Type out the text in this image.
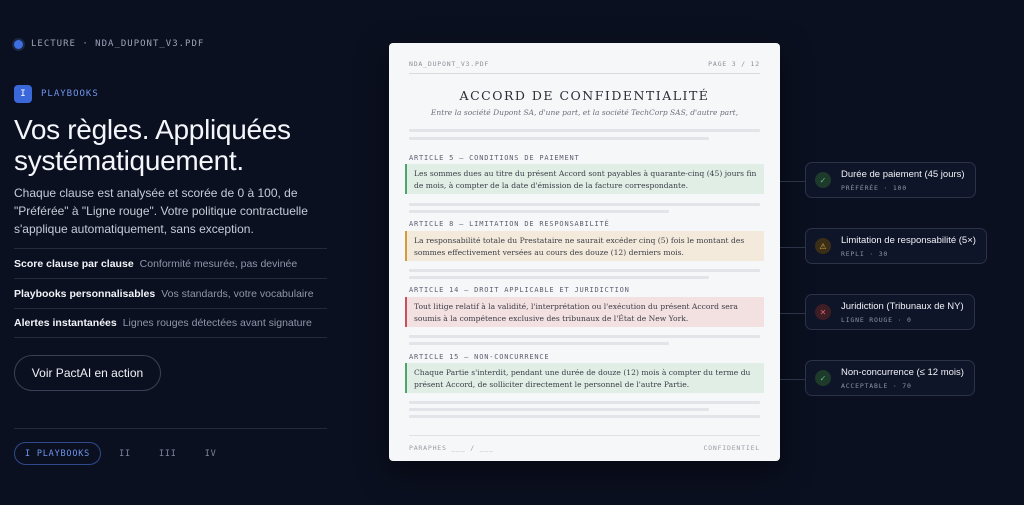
LECTURE · NDA_DUPONT_V3.PDF
I	PLAYBOOKS
Vos règles. Appliquées systématiquement.

Chaque clause est analysée et scorée de 0 à 100, de "Préférée" à "Ligne rouge". Votre politique contractuelle s'applique automatiquement, sans exception.

Score clause par clause Conformité mesurée, pas devinée
Playbooks personnalisables Vos standards, votre vocabulaire
Alertes instantanées Lignes rouges détectées avant signature
Voir PactAI en action
I PLAYBOOKS	II	III	IV
NDA_DUPONT_V3.PDF	PAGE 3 / 12
ACCORD DE CONFIDENTIALITÉ
Entre la société Dupont SA, d'une part, et la société TechCorp SAS, d'autre part,
ARTICLE 5 — CONDITIONS DE PAIEMENT
Les sommes dues au titre du présent Accord sont payables à quarante-cinq (45) jours fin de mois, à compter de la date d'émission de la facture correspondante.
ARTICLE 8 — LIMITATION DE RESPONSABILITÉ
La responsabilité totale du Prestataire ne saurait excéder cinq (5) fois le montant des sommes effectivement versées au cours des douze (12) derniers mois.
ARTICLE 14 — DROIT APPLICABLE ET JURIDICTION
Tout litige relatif à la validité, l'interprétation ou l'exécution du présent Accord sera soumis à la compétence exclusive des tribunaux de l'État de New York.
ARTICLE 15 — NON-CONCURRENCE
Chaque Partie s'interdit, pendant une durée de douze (12) mois à compter du terme du présent Accord, de solliciter directement le personnel de l'autre Partie.
PARAPHES ___ / ___	CONFIDENTIEL
✓
Durée de paiement (45 jours)
PRÉFÉRÉE · 100
⚠
Limitation de responsabilité (5×)
REPLI · 30
✕
Juridiction (Tribunaux de NY)
LIGNE ROUGE · 0
✓
Non-concurrence (≤ 12 mois)
ACCEPTABLE · 70
